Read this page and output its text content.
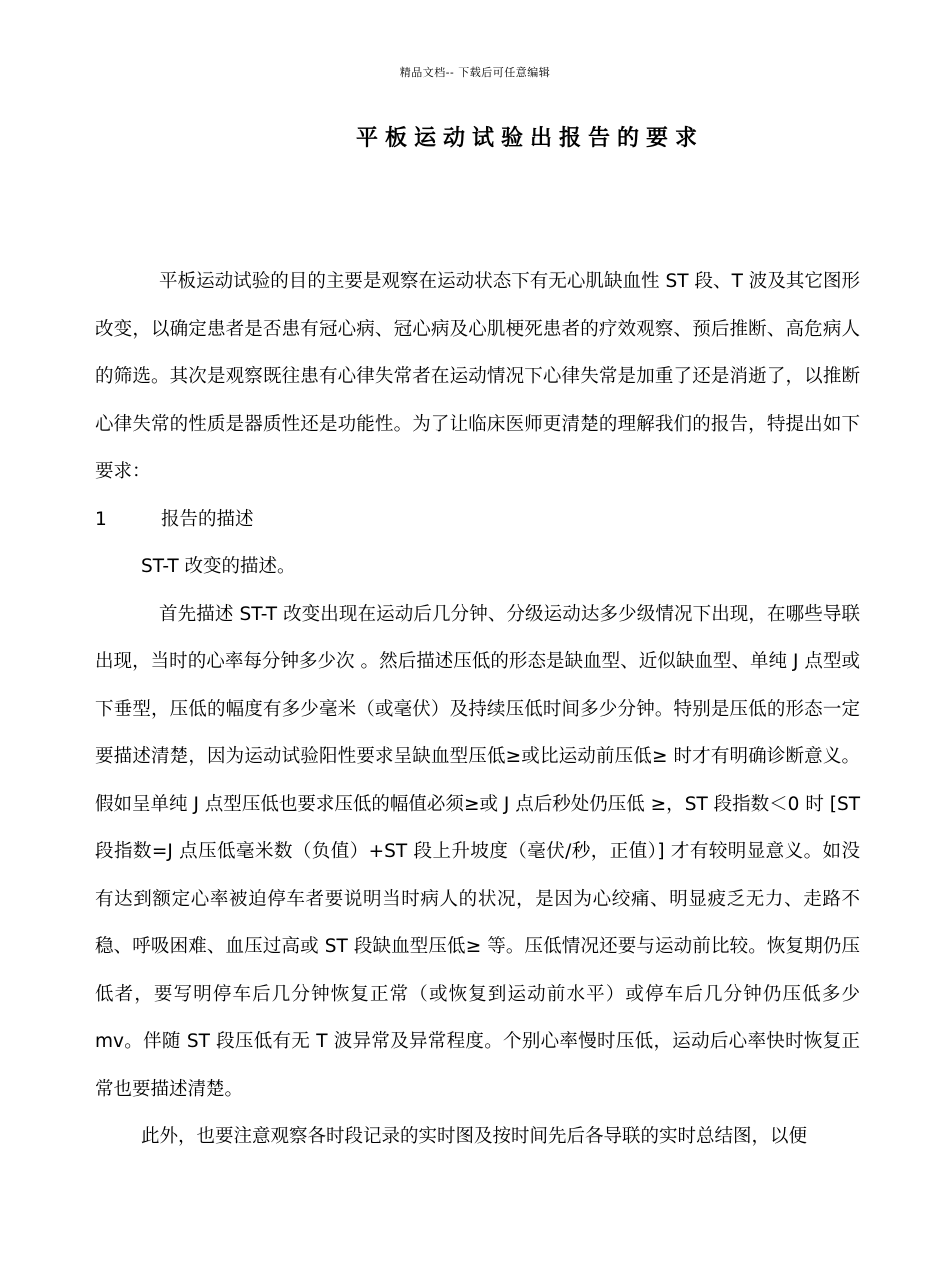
精品文档-- 下载后可任意编辑
平板运动试验出报告的要求

平板运动试验的目的主要是观察在运动状态下有无心肌缺血性 ST 段、T 波及其它图形改变，以确定患者是否患有冠心病、冠心病及心肌梗死患者的疗效观察、预后推断、高危病人的筛选。其次是观察既往患有心律失常者在运动情况下心律失常是加重了还是消逝了，以推断心律失常的性质是器质性还是功能性。为了让临床医师更清楚的理解我们的报告，特提出如下要求：

1	报告的描述

ST-T 改变的描述。

首先描述 ST-T 改变出现在运动后几分钟、分级运动达多少级情况下出现，在哪些导联出现，当时的心率每分钟多少次 。然后描述压低的形态是缺血型、近似缺血型、单纯 J 点型或下垂型，压低的幅度有多少毫米（或毫伏）及持续压低时间多少分钟。特别是压低的形态一定要描述清楚，因为运动试验阳性要求呈缺血型压低≥或比运动前压低≥ 时才有明确诊断意义。假如呈单纯 J 点型压低也要求压低的幅值必须≥或 J 点后秒处仍压低 ≥，ST 段指数＜0 时 [ST 段指数=J 点压低毫米数（负值）+ST 段上升坡度（毫伏/秒，正值）] 才有较明显意义。如没有达到额定心率被迫停车者要说明当时病人的状况，是因为心绞痛、明显疲乏无力、走路不稳、呼吸困难、血压过高或 ST 段缺血型压低≥ 等。压低情况还要与运动前比较。恢复期仍压低者，要写明停车后几分钟恢复正常（或恢复到运动前水平）或停车后几分钟仍压低多少 mv。伴随 ST 段压低有无 T 波异常及异常程度。个别心率慢时压低，运动后心率快时恢复正常也要描述清楚。

此外，也要注意观察各时段记录的实时图及按时间先后各导联的实时总结图，以便
